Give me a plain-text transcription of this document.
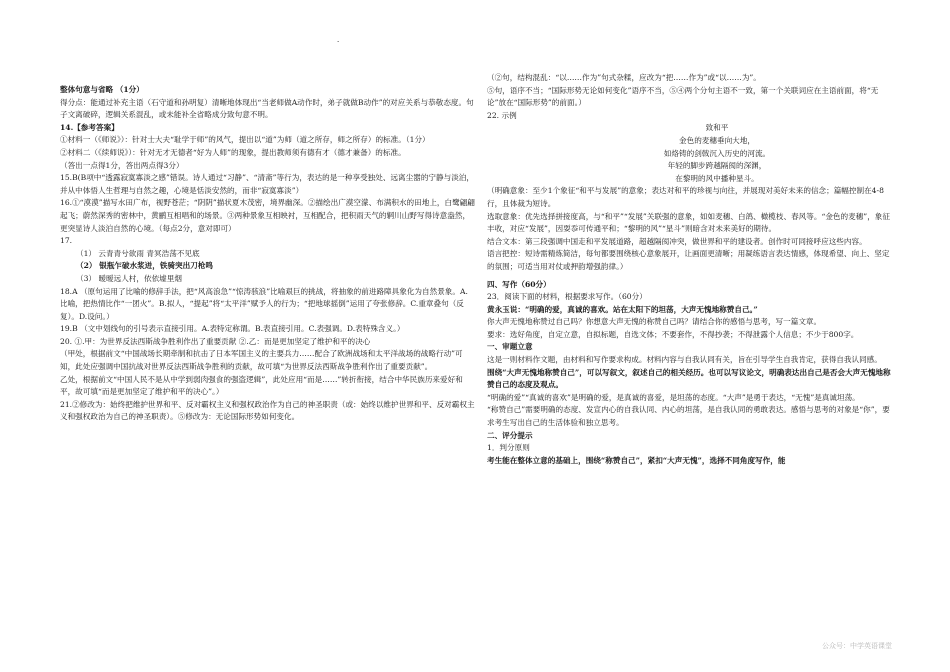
·

整体句意与省略 （1分）

得分点：能通过补充主语（石守道和孙明复）清晰地体现出“当老师做A动作时，弟子就做B动作”的对应关系与恭敬态度。句子文离破碎，逻辑关系混乱，或未能补全省略成分致句意不明。

14.【参考答案】

①材料一（《师说》）：针对士大夫“耻学于师”的风气，提出以“道”为师（道之所存，师之所存）的标准。（1分）

②材料二（《续师说》）：针对无才无德者“好为人师”的现象，提出教师须有德有才（德才兼备）的标准。

（答出一点得1分，答出两点得3分）

15.B(B项中“透露寂寞寡淡之感”错误。诗人通过“习静”、“清斋”等行为，表达的是一种享受独处、远离尘嚣的宁静与淡泊，并从中体悟人生哲理与自然之趣，心境是恬淡安然的，而非“寂寞寡淡”）

16.①“漠漠”描写水田广布，视野苍茫；“阴阴”描状夏木茂密，境界幽深。②描绘出广漠空濛、布满积水的田地上，白鹭翩翩起飞；蔚然深秀的密林中，黄鹂互相唱和的场景。③两种景象互相映衬，互相配合，把积雨天气的辋川山野写得诗意盎然，更突显诗人淡泊自然的心境。（每点2分，意对即可）

17.

（1） 云青青兮欲雨 青冥浩荡不见底

（2） 银瓶乍破水浆迸，铁骑突出刀枪鸣

（3） 暧暧远人村，依依墟里烟

18.A （原句运用了比喻的修辞手法，把“风高浪急”“惊涛骇浪”比喻艰巨的挑战，将抽象的前进路障具象化为自然景象。A.比喻，把热情比作“一团火”。B.拟人，“提起”将“太平洋”赋予人的行为；“把地球摇倒”运用了夸张修辞。C.重章叠句（反复）。D.设问。）

19.B （文中划线句的引号表示直接引用。A.表特定称谓。B.表直接引用。C.表强调。D.表特殊含义。）

20. ①.甲：为世界反法西斯战争胜利作出了重要贡献 ②.乙：而是更加坚定了维护和平的决心

（甲处，根据前文“中国战场长期牵制和抗击了日本军国主义的主要兵力……配合了欧洲战场和太平洋战场的战略行动”可知，此处应强调中国抗战对世界反法西斯战争胜利的贡献，故可填“为世界反法西斯战争胜利作出了重要贡献”。

乙处，根据前文“中国人民不是从中学到弱肉强食的强盗逻辑”，此处应用“而是……”转折衔接，结合中华民族历来爱好和平，故可填“而是更加坚定了维护和平的决心”。）

21.②修改为：始终把维护世界和平、反对霸权主义和强权政治作为自己的神圣职责（或：始终以维护世界和平、反对霸权主义和强权政治为自己的神圣职责）。⑤修改为：无论国际形势如何变化。

（②句，结构混乱：“以……作为”句式杂糅，应改为“把……作为”或“以……为”。

⑤句，语序不当；“国际形势无论如何变化”语序不当，⑤④两个分句主语不一致，第一个关联词应在主语前面，将“无论”放在“国际形势”的前面。）

22. 示例

致和平

金色的麦穗垂向大地，

如烙铸的剑戟沉入历史的河流。

年轻的脚步跨越隔阂的深渊，

在黎明的风中播种星斗。

（明确意象：至少1个象征“和平与发展”的意象；表达对和平的珍视与向往，并展现对美好未来的信念；篇幅控制在4-8行，且体裁为短诗。

选取意象：优先选择拼接度高，与“和平”“发展”关联强的意象，如如麦穗、白鸽、橄榄枝、春风等。“金色的麦穗”，象征丰收，对应“发展”，因耍忝可传通平和；“黎明的风”“星斗”则暗含对未来美好的期待。

结合文本：第三段强调中国走和平发展道路，超越隔阂冲突，做世界和平的建设者。创作时可同接呼应这些内容。

语言把控：短诗需精炼简洁，每句都要围绕核心意象展开，让画面更清晰；用凝练语言表达情感，体现希望、向上、坚定的氛围；可适当用对仗或押韵增强韵律。）

四、写作（60分）

23．阅读下面的材料，根据要求写作。（60分）

黄永玉说：“明确的爱，真诚的喜欢。站在太阳下的坦荡，大声无愧地称赞自己。”

你大声无愧地称赞过自己吗？你想意大声无愧的称赞自己吗？请结合你的感悟与思考，写一篇文章。

要求：选好角度，自定立意，自拟标题，自选文体；不要套作，不得抄袭；不得泄露个人信息；不少于800字。

一、审题立意

这是一则材料作文题，由材料和写作要求构成。材料内容与自我认同有关，旨在引导学生自我肯定，获得自我认同感。

围绕“大声无愧地称赞自己”，可以写叙文，叙述自己的相关经历。也可以写议论文，明确表达出自己是否会大声无愧地称赞自己的态度及观点。

“明确的爱”“真诚的喜欢”是明确的爱，是真诚的喜爱，是坦荡的态度。“大声”是勇于表达，“无愧”是真诚坦荡。

“称赞自己”需要明确的态度、发宣内心的自我认同、内心的坦荡，是自我认同的勇敢表达。感悟与思考的对象是“你”，要求考生写出自己的生活体验和独立思考。

二、评分提示

1．判分原则

考生能在整体立意的基础上，围绕“称赞自己”，紧扣“大声无愧”，选择不同角度写作，能

公众号：中学英语课堂
